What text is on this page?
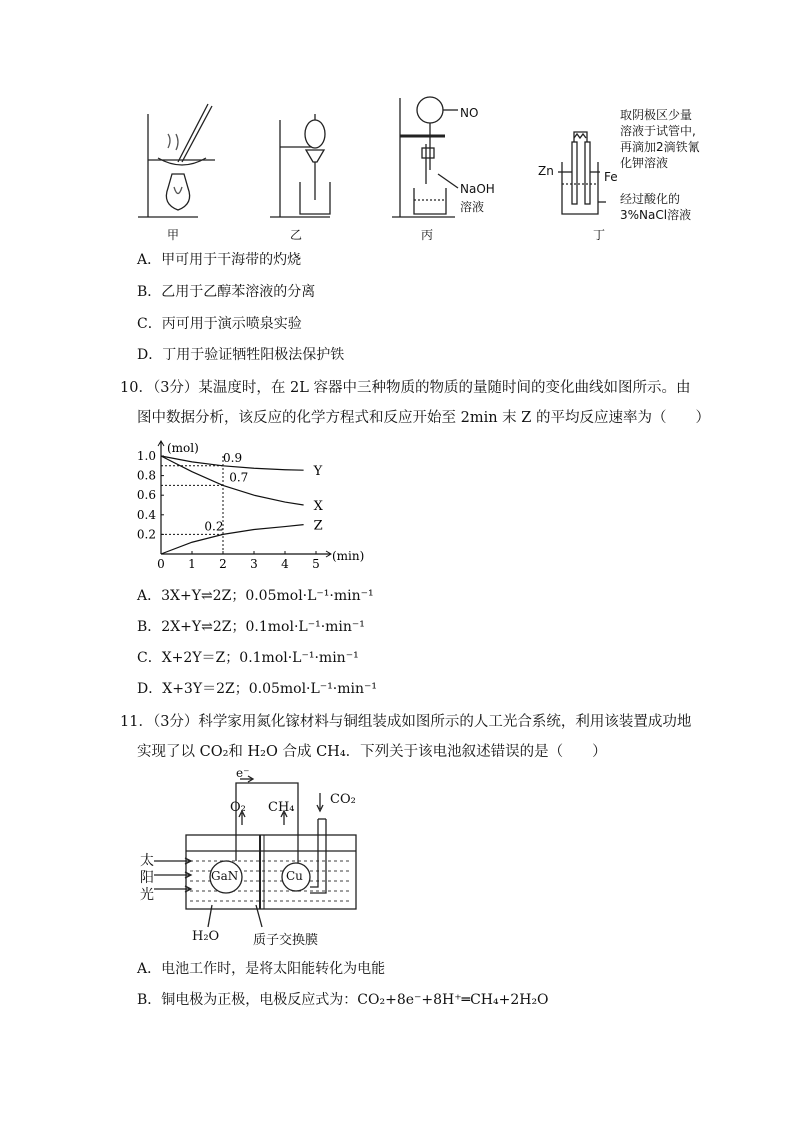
NO
NaOH
溶液
Zn	Fe
取阴极区少量
溶液于试管中,
再滴加2滴铁氰
化钾溶液
经过酸化的
3%NaCl溶液
甲	乙	丙	丁
A．甲可用于干海带的灼烧
B．乙用于乙醇苯溶液的分离
C．丙可用于演示喷泉实验
D．丁用于验证牺牲阳极法保护铁
10．（3分）某温度时，在 2L 容器中三种物质的物质的量随时间的变化曲线如图所示。由
图中数据分析，该反应的化学方程式和反应开始至 2min 末 Z 的平均反应速率为（　　）
0 1 2 3 4 5
0.2
0.4
0.6
0.8
1.0
(mol)
(min)
Y
X
Z
0.9
0.7
0.2
A．3X+Y⇌2Z；0.05mol·L⁻¹·min⁻¹
B．2X+Y⇌2Z；0.1mol·L⁻¹·min⁻¹
C．X+2Y＝Z；0.1mol·L⁻¹·min⁻¹
D．X+3Y＝2Z；0.05mol·L⁻¹·min⁻¹
11．（3分）科学家用氮化镓材料与铜组装成如图所示的人工光合系统，利用该装置成功地
实现了以 CO₂和 H₂O 合成 CH₄．下列关于该电池叙述错误的是（　　）
e⁻
O₂ CH₄
CO₂
GaN	Cu
H₂O	质子交换膜
太
阳
光
A．电池工作时，是将太阳能转化为电能
B．铜电极为正极，电极反应式为：CO₂+8e⁻+8H⁺═CH₄+2H₂O
